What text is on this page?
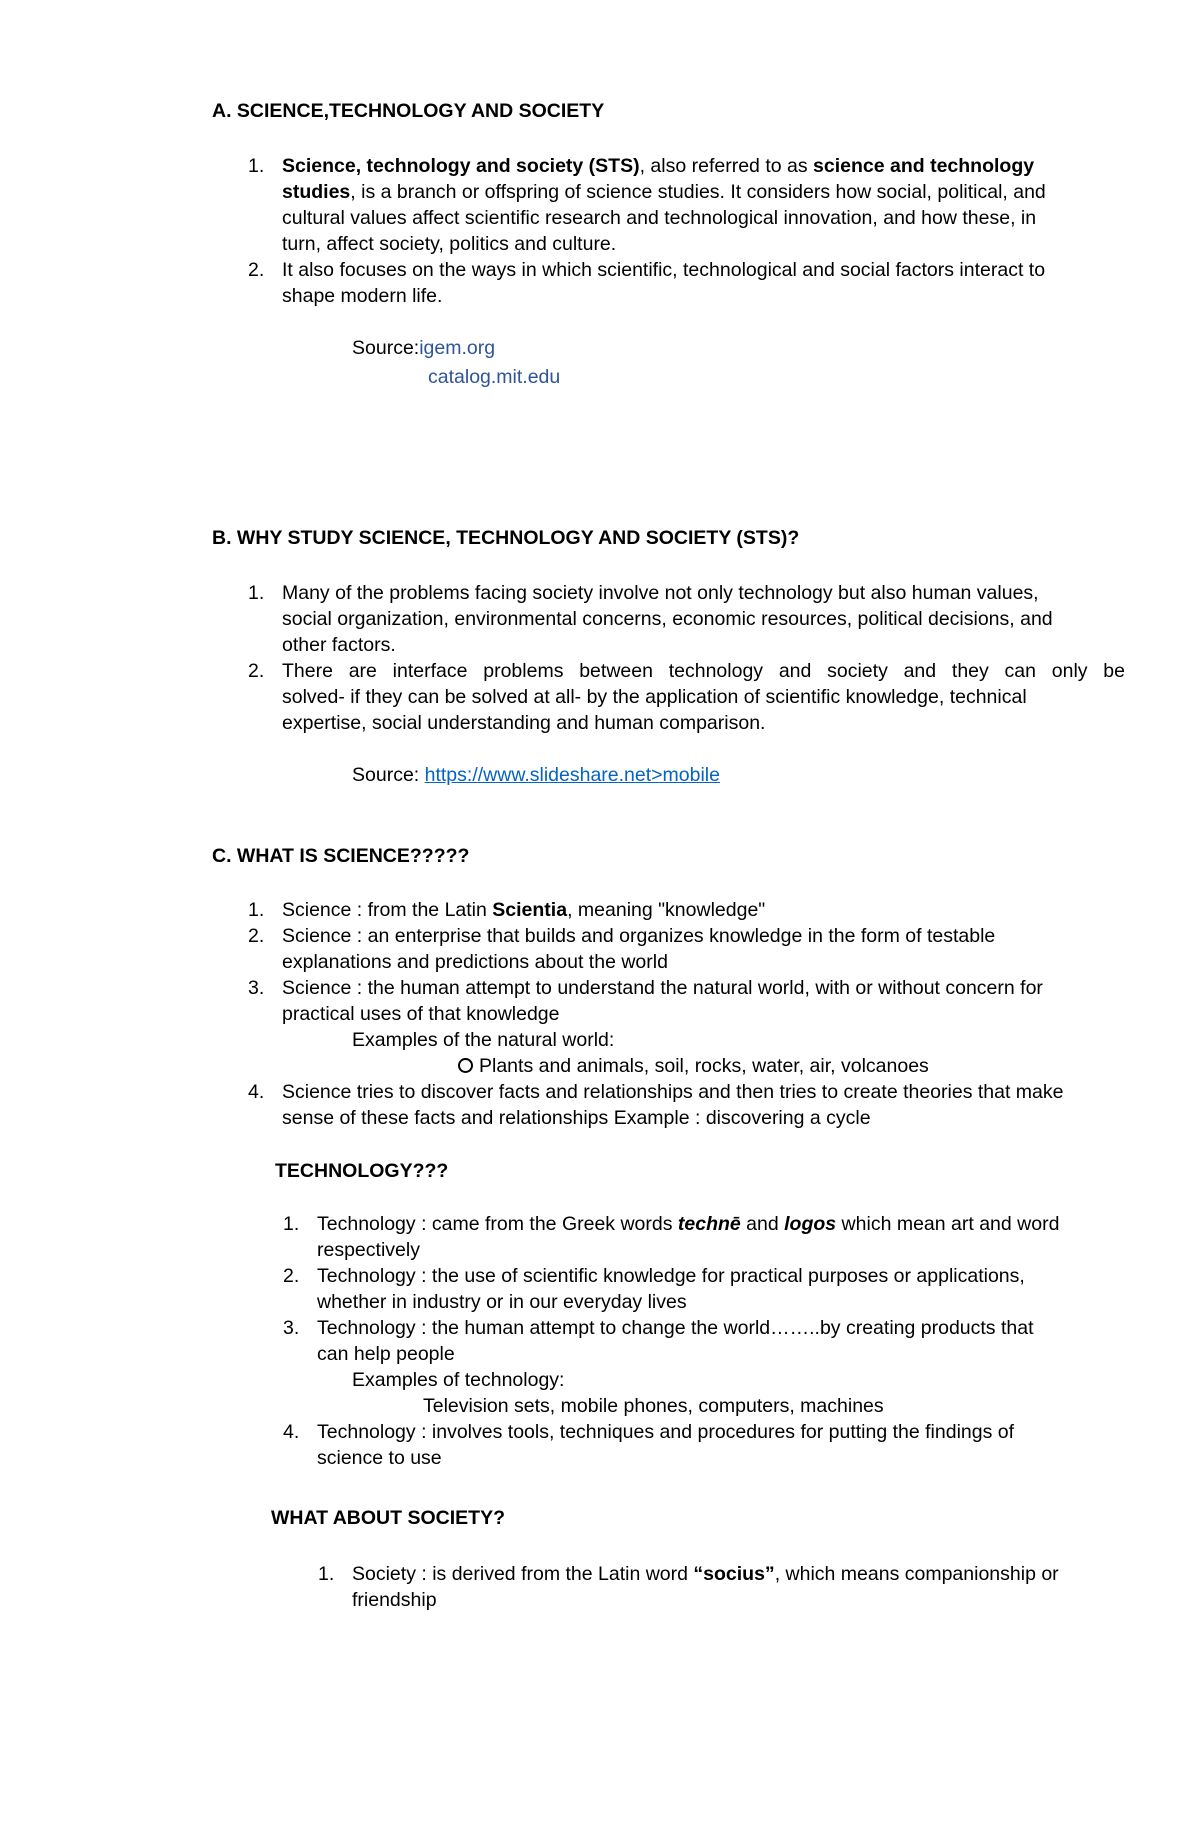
A. SCIENCE,TECHNOLOGY AND SOCIETY
1. Science, technology and society (STS), also referred to as science and technology
studies, is a branch or offspring of science studies. It considers how social, political, and
cultural values affect scientific research and technological innovation, and how these, in
turn, affect society, politics and culture.
2. It also focuses on the ways in which scientific, technological and social factors interact to
shape modern life.
Source:igem.org
catalog.mit.edu
B. WHY STUDY SCIENCE, TECHNOLOGY AND SOCIETY (STS)?
1. Many of the problems facing society involve not only technology but also human values,
social organization, environmental concerns, economic resources, political decisions, and
other factors.
2. There are interface problems between technology and society and they can only be
solved- if they can be solved at all- by the application of scientific knowledge, technical
expertise, social understanding and human comparison.
Source: https://www.slideshare.net>mobile
C. WHAT IS SCIENCE?????
1. Science : from the Latin Scientia, meaning "knowledge"
2. Science : an enterprise that builds and organizes knowledge in the form of testable
explanations and predictions about the world
3. Science : the human attempt to understand the natural world, with or without concern for
practical uses of that knowledge
Examples of the natural world:
Plants and animals, soil, rocks, water, air, volcanoes
4. Science tries to discover facts and relationships and then tries to create theories that make
sense of these facts and relationships Example : discovering a cycle
TECHNOLOGY???
1. Technology : came from the Greek words technē and logos which mean art and word
respectively
2. Technology : the use of scientific knowledge for practical purposes or applications,
whether in industry or in our everyday lives
3. Technology : the human attempt to change the world……..by creating products that
can help people
Examples of technology:
Television sets, mobile phones, computers, machines
4. Technology : involves tools, techniques and procedures for putting the findings of
science to use
WHAT ABOUT SOCIETY?
1. Society : is derived from the Latin word “socius”, which means companionship or
friendship
